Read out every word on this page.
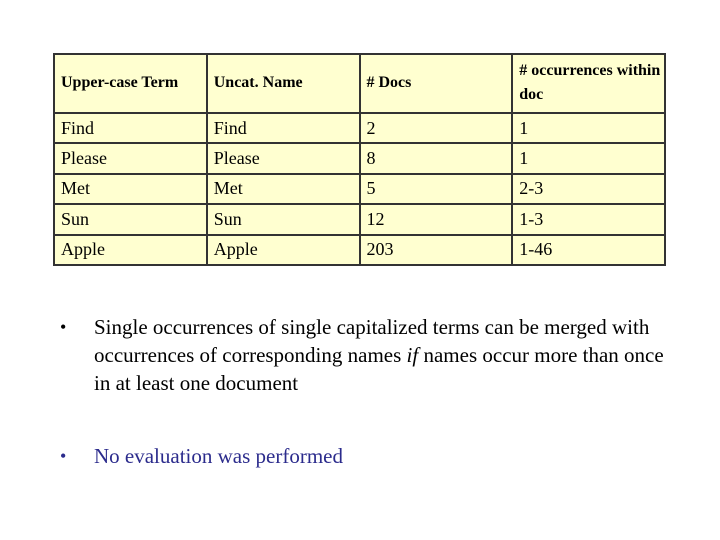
Upper-case Term	Uncat. Name	# Docs	# occurrences within doc
Find	Find	2	1
Please	Please	8	1
Met	Met	5	2-3
Sun	Sun	12	1-3
Apple	Apple	203	1-46
•	Single occurrences of single capitalized terms can be merged with occurrences of corresponding names if names occur more than once in at least one document
•	No evaluation was performed
